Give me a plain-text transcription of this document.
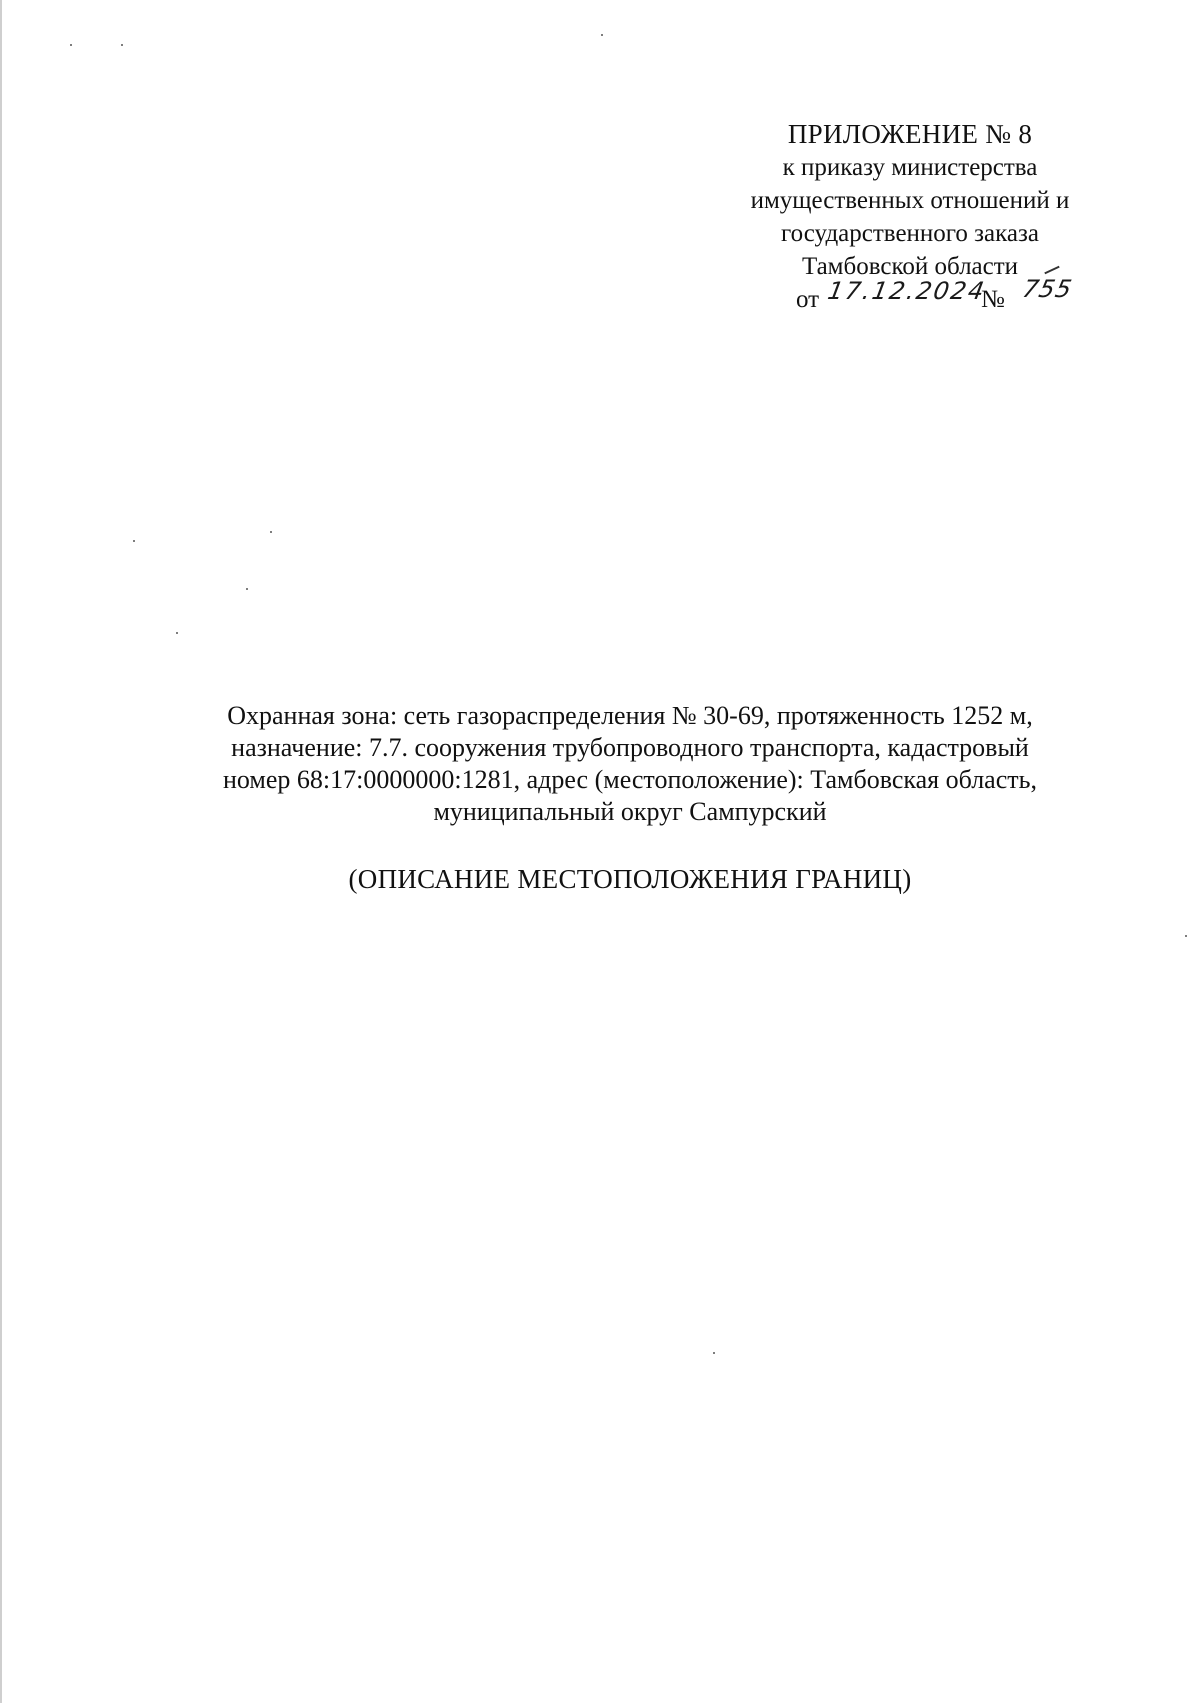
ПРИЛОЖЕНИЕ № 8
к приказу министерства
имущественных отношений и
государственного заказа
Тамбовской области
от 17.12.2024
№ 755

Охранная зона: сеть газораспределения № 30-69, протяженность 1252 м,

назначение: 7.7. сооружения трубопроводного транспорта, кадастровый

номер 68:17:0000000:1281, адрес (местоположение): Тамбовская область,

муниципальный округ Сампурский

(ОПИСАНИЕ МЕСТОПОЛОЖЕНИЯ ГРАНИЦ)
